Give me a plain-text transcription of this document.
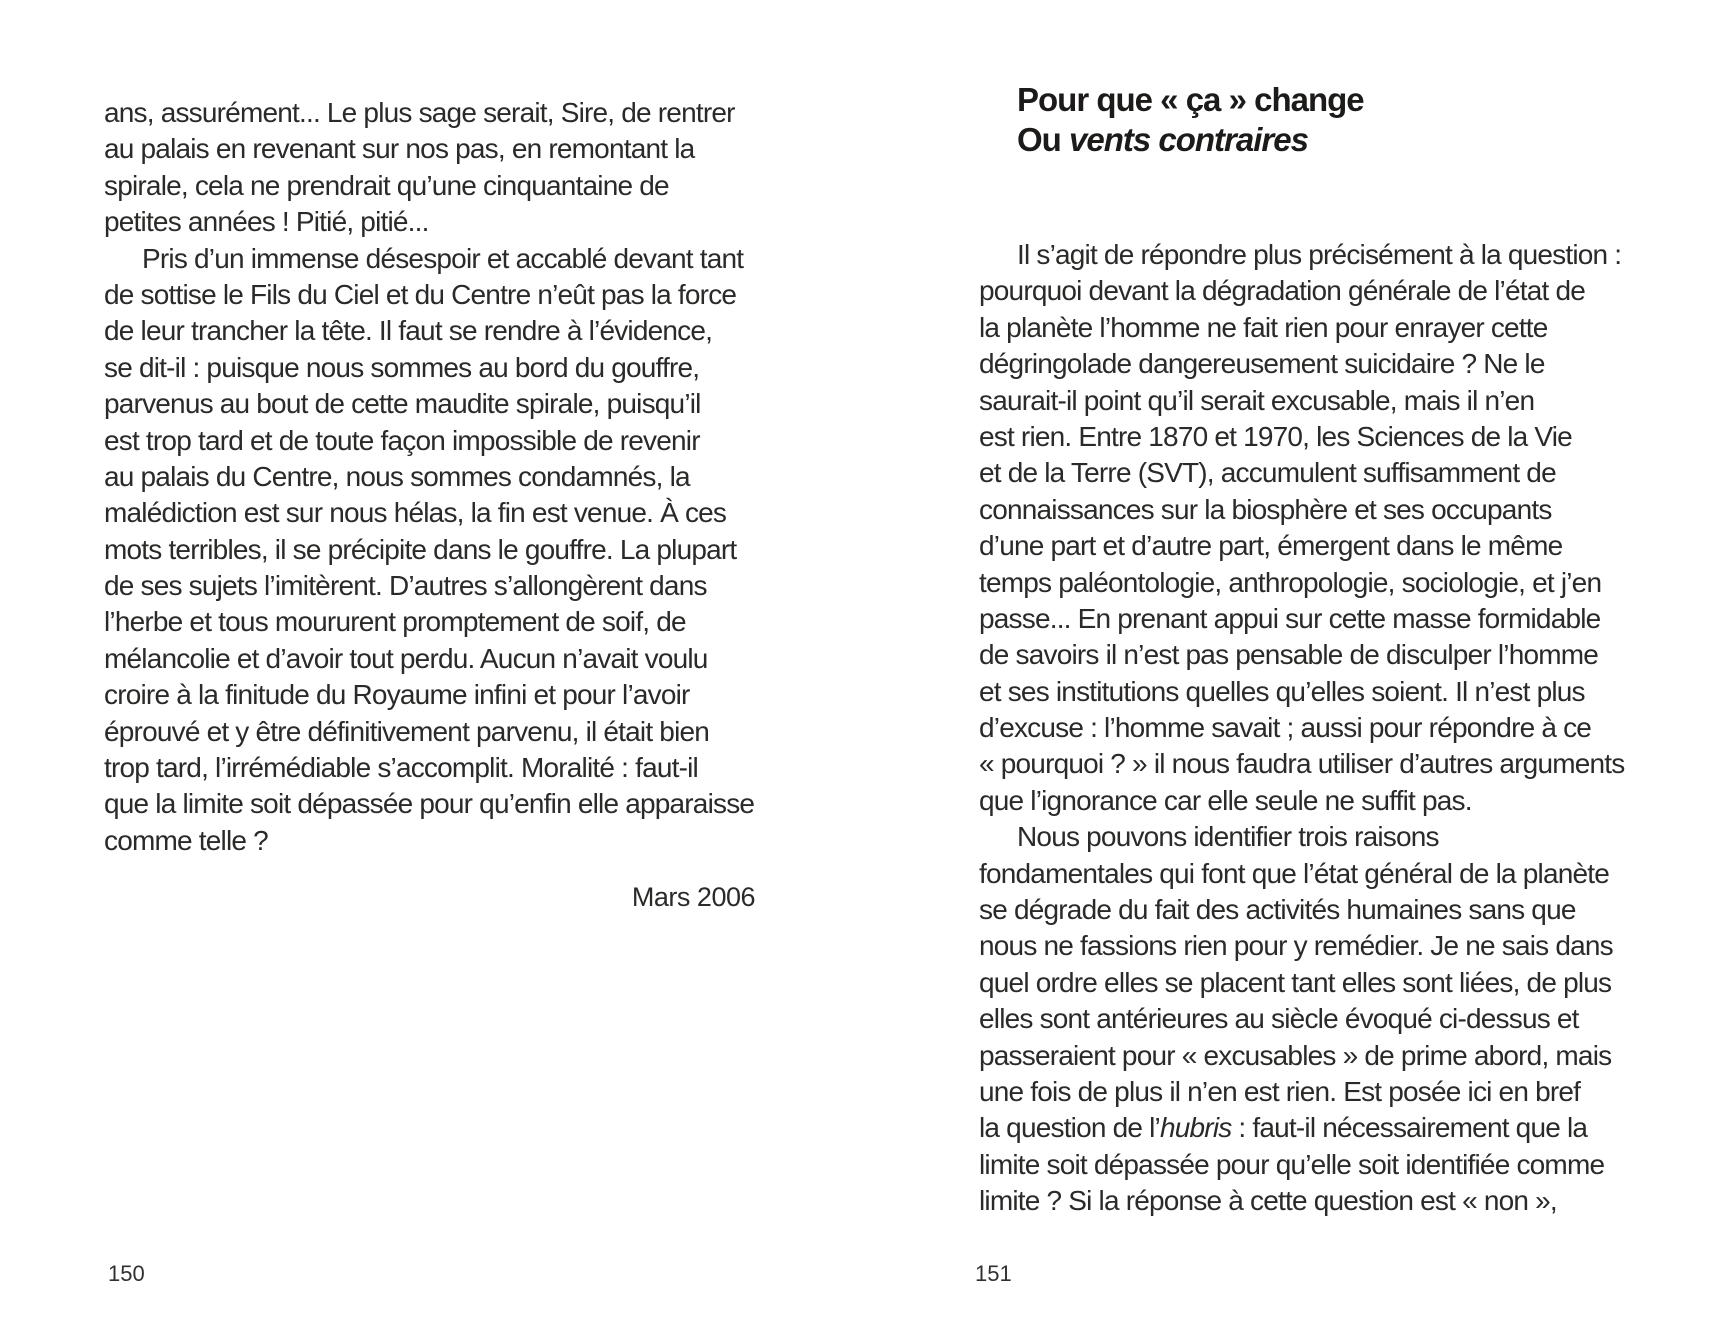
ans, assurément... Le plus sage serait, Sire, de rentrer
au palais en revenant sur nos pas, en remontant la
spirale, cela ne prendrait qu’une cinquantaine de
petites années ! Pitié, pitié...
Pris d’un immense désespoir et accablé devant tant
de sottise le Fils du Ciel et du Centre n’eût pas la force
de leur trancher la tête. Il faut se rendre à l’évidence,
se dit-il : puisque nous sommes au bord du gouffre,
parvenus au bout de cette maudite spirale, puisqu’il
est trop tard et de toute façon impossible de revenir
au palais du Centre, nous sommes condamnés, la
malédiction est sur nous hélas, la fin est venue. À ces
mots terribles, il se précipite dans le gouffre. La plupart
de ses sujets l’imitèrent. D’autres s’allongèrent dans
l’herbe et tous moururent promptement de soif, de
mélancolie et d’avoir tout perdu. Aucun n’avait voulu
croire à la finitude du Royaume infini et pour l’avoir
éprouvé et y être définitivement parvenu, il était bien
trop tard, l’irrémédiable s’accomplit. Moralité : faut-il
que la limite soit dépassée pour qu’enfin elle apparaisse
comme telle ?
Mars 2006
150
Pour que « ça » change
Ou vents contraires
Il s’agit de répondre plus précisément à la question :
pourquoi devant la dégradation générale de l’état de
la planète l’homme ne fait rien pour enrayer cette
dégringolade dangereusement suicidaire ? Ne le
saurait-il point qu’il serait excusable, mais il n’en
est rien. Entre 1870 et 1970, les Sciences de la Vie
et de la Terre (SVT), accumulent suffisamment de
connaissances sur la biosphère et ses occupants
d’une part et d’autre part, émergent dans le même
temps paléontologie, anthropologie, sociologie, et j’en
passe... En prenant appui sur cette masse formidable
de savoirs il n’est pas pensable de disculper l’homme
et ses institutions quelles qu’elles soient. Il n’est plus
d’excuse : l’homme savait ; aussi pour répondre à ce
« pourquoi ? » il nous faudra utiliser d’autres arguments
que l’ignorance car elle seule ne suffit pas.
Nous pouvons identifier trois raisons
fondamentales qui font que l’état général de la planète
se dégrade du fait des activités humaines sans que
nous ne fassions rien pour y remédier. Je ne sais dans
quel ordre elles se placent tant elles sont liées, de plus
elles sont antérieures au siècle évoqué ci-dessus et
passeraient pour « excusables » de prime abord, mais
une fois de plus il n’en est rien. Est posée ici en bref
la question de l’hubris : faut-il nécessairement que la
limite soit dépassée pour qu’elle soit identifiée comme
limite ? Si la réponse à cette question est « non »,
151
